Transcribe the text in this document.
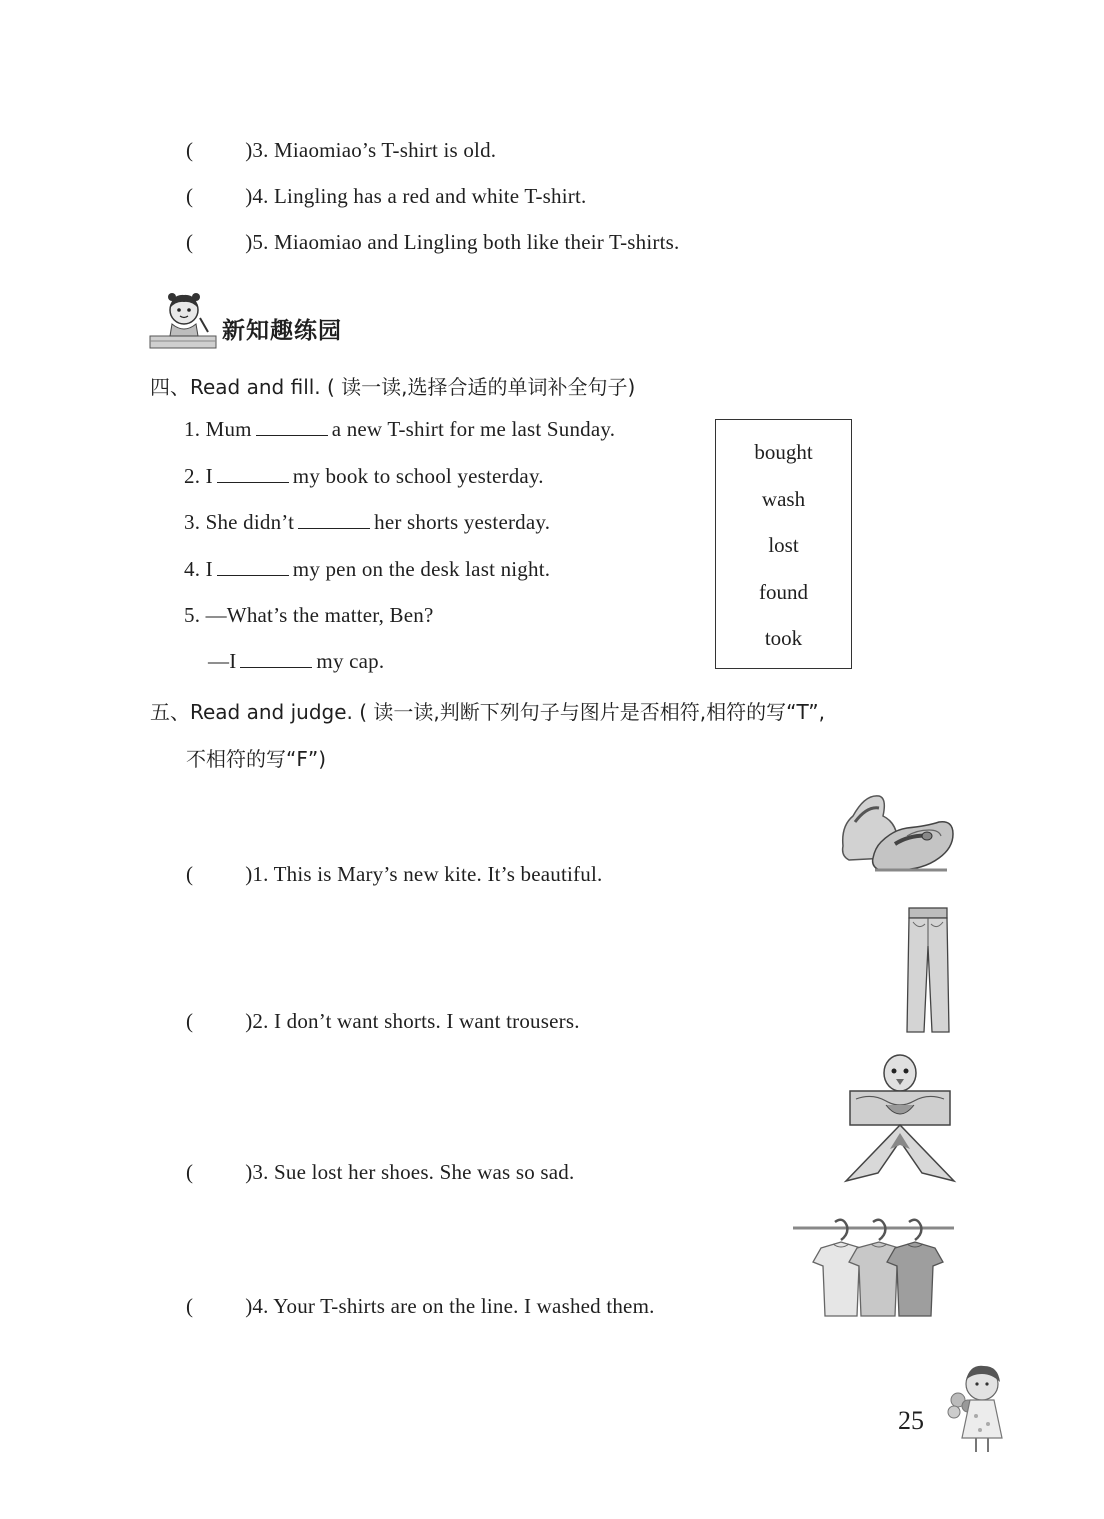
( )3. Miaomiao’s T-shirt is old.
( )4. Lingling has a red and white T-shirt.
( )5. Miaomiao and Lingling both like their T-shirts.
新知趣练园
四、Read and fill. ( 读一读,选择合适的单词补全句子)
1. Mum	a new T-shirt for me last Sunday.
2. I	my book to school yesterday.
3. She didn’t	her shorts yesterday.
4. I	my pen on the desk last night.
5. —What’s the matter, Ben?
—I	my cap.
bought
wash
lost
found
took
五、Read and judge. ( 读一读,判断下列句子与图片是否相符,相符的写“T”,
不相符的写“F”)
( )1. This is Mary’s new kite. It’s beautiful.
( )2. I don’t want shorts. I want trousers.
( )3. Sue lost her shoes. She was so sad.
( )4. Your T-shirts are on the line. I washed them.
25
